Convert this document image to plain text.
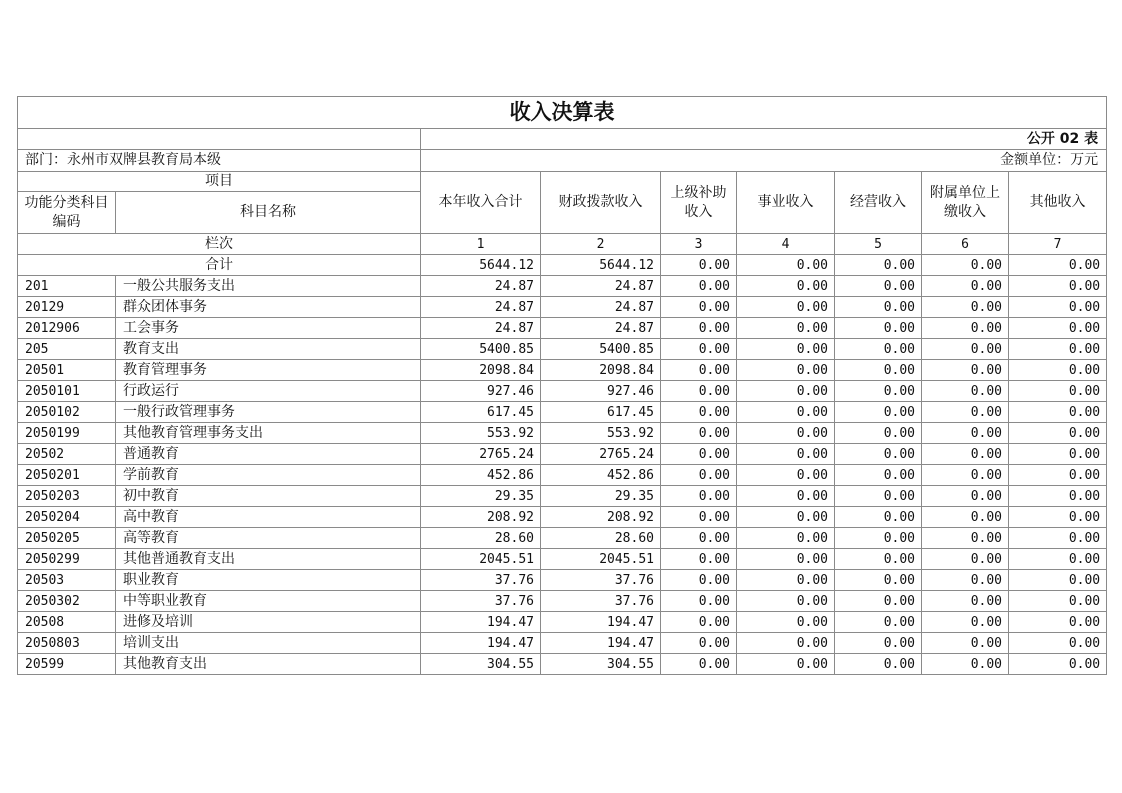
收入决算表								
		公开 02 表						
部门：永州市双牌县教育局本级		金额单位：万元						
项目		本年收入合计	财政拨款收入	上级补助收入	事业收入	经营收入	附属单位上缴收入	其他收入
功能分类科目编码	科目名称							
栏次		1	2	3	4	5	6	7
合计		5644.12	5644.12	0.00	0.00	0.00	0.00	0.00
201	一般公共服务支出	24.87	24.87	0.00	0.00	0.00	0.00	0.00
20129	群众团体事务	24.87	24.87	0.00	0.00	0.00	0.00	0.00
2012906	工会事务	24.87	24.87	0.00	0.00	0.00	0.00	0.00
205	教育支出	5400.85	5400.85	0.00	0.00	0.00	0.00	0.00
20501	教育管理事务	2098.84	2098.84	0.00	0.00	0.00	0.00	0.00
2050101	行政运行	927.46	927.46	0.00	0.00	0.00	0.00	0.00
2050102	一般行政管理事务	617.45	617.45	0.00	0.00	0.00	0.00	0.00
2050199	其他教育管理事务支出	553.92	553.92	0.00	0.00	0.00	0.00	0.00
20502	普通教育	2765.24	2765.24	0.00	0.00	0.00	0.00	0.00
2050201	学前教育	452.86	452.86	0.00	0.00	0.00	0.00	0.00
2050203	初中教育	29.35	29.35	0.00	0.00	0.00	0.00	0.00
2050204	高中教育	208.92	208.92	0.00	0.00	0.00	0.00	0.00
2050205	高等教育	28.60	28.60	0.00	0.00	0.00	0.00	0.00
2050299	其他普通教育支出	2045.51	2045.51	0.00	0.00	0.00	0.00	0.00
20503	职业教育	37.76	37.76	0.00	0.00	0.00	0.00	0.00
2050302	中等职业教育	37.76	37.76	0.00	0.00	0.00	0.00	0.00
20508	进修及培训	194.47	194.47	0.00	0.00	0.00	0.00	0.00
2050803	培训支出	194.47	194.47	0.00	0.00	0.00	0.00	0.00
20599	其他教育支出	304.55	304.55	0.00	0.00	0.00	0.00	0.00
